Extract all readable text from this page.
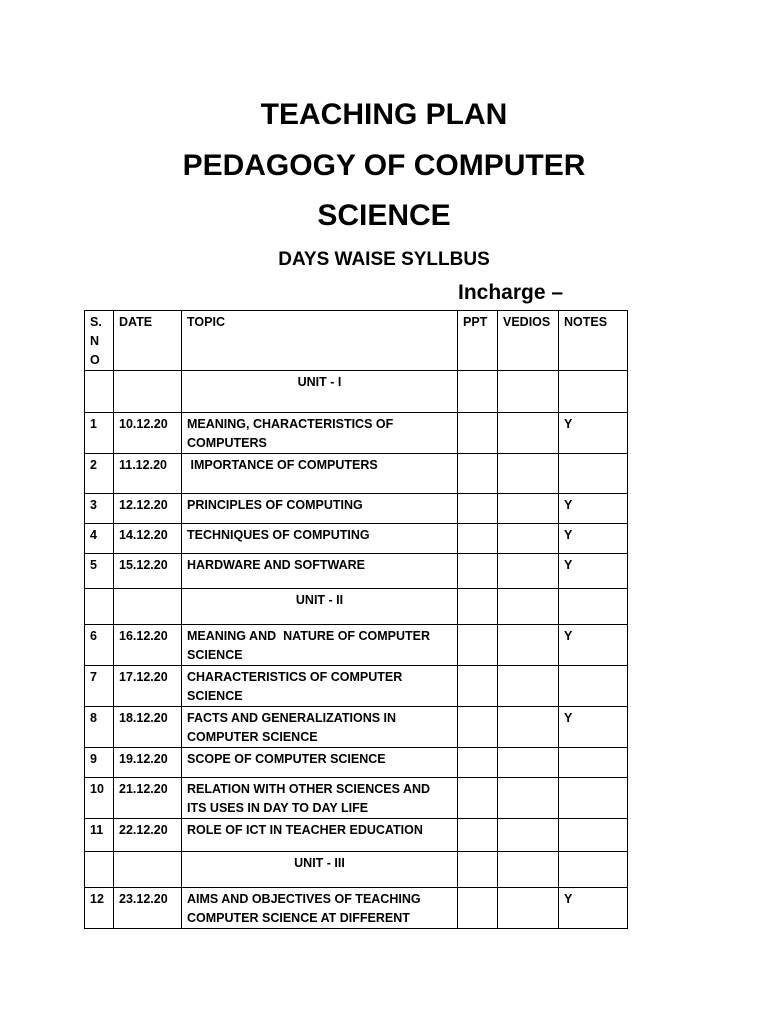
TEACHING PLAN
PEDAGOGY OF COMPUTER
SCIENCE
DAYS WAISE SYLLBUS
Incharge –
S.
N
O	DATE	TOPIC	PPT	VEDIOS	NOTES
		UNIT - I			
1	10.12.20	MEANING, CHARACTERISTICS OF COMPUTERS			Y
2	11.12.20	IMPORTANCE OF COMPUTERS			
3	12.12.20	PRINCIPLES OF COMPUTING			Y
4	14.12.20	TECHNIQUES OF COMPUTING			Y
5	15.12.20	HARDWARE AND SOFTWARE			Y
		UNIT - II			
6	16.12.20	MEANING AND  NATURE OF COMPUTER SCIENCE			Y
7	17.12.20	CHARACTERISTICS OF COMPUTER SCIENCE			
8	18.12.20	FACTS AND GENERALIZATIONS IN COMPUTER SCIENCE			Y
9	19.12.20	SCOPE OF COMPUTER SCIENCE			
10	21.12.20	RELATION WITH OTHER SCIENCES AND ITS USES IN DAY TO DAY LIFE			
11	22.12.20	ROLE OF ICT IN TEACHER EDUCATION			
		UNIT - III			
12	23.12.20	AIMS AND OBJECTIVES OF TEACHING COMPUTER SCIENCE AT DIFFERENT			Y
